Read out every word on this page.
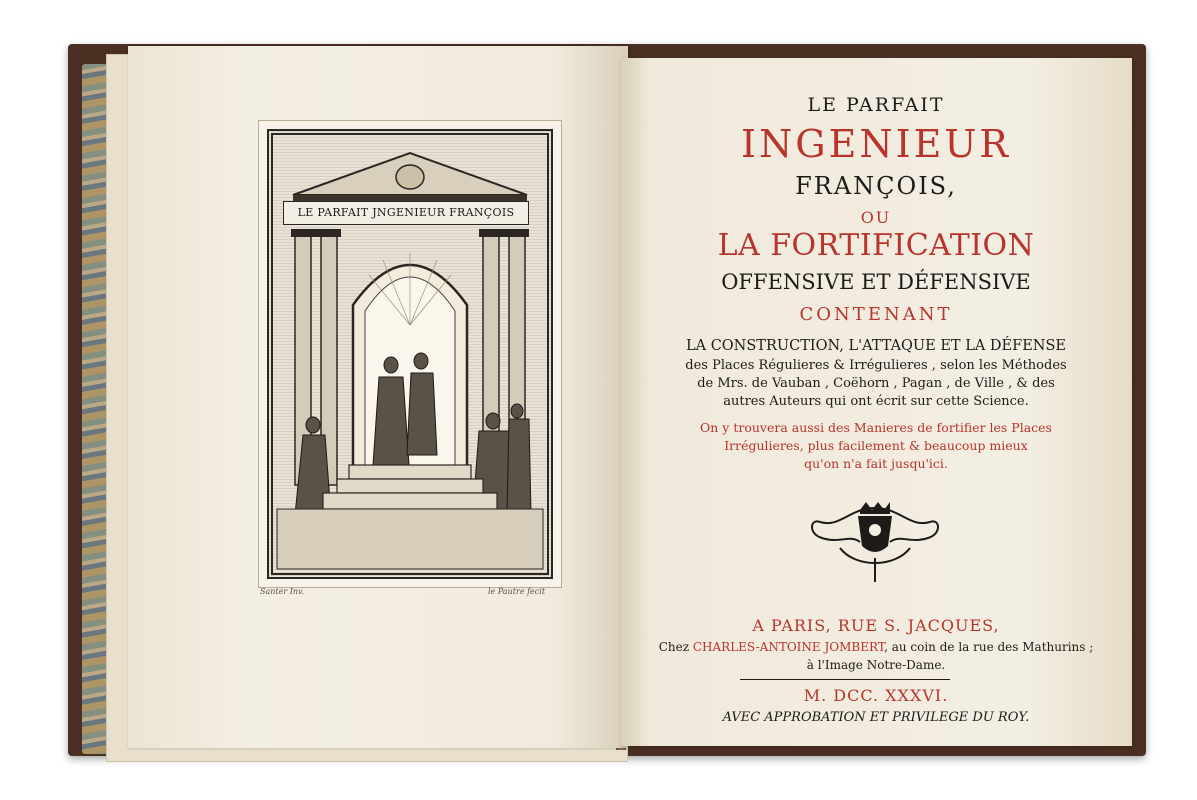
LE PARFAIT JNGENIEUR FRANÇOIS
Santer Inv.	le Pautre fecit
LE PARFAIT
INGENIEUR
FRANÇOIS,
OU
LA FORTIFICATION
OFFENSIVE ET DÉFENSIVE
CONTENANT
LA CONSTRUCTION, L'ATTAQUE ET LA DÉFENSE
des Places Régulieres & Irrégulieres , selon les Méthodes
de Mrs. de Vauban , Coëhorn , Pagan , de Ville , & des
autres Auteurs qui ont écrit sur cette Science.
On y trouvera aussi des Manieres de fortifier les Places
Irrégulieres, plus facilement & beaucoup mieux
qu'on n'a fait jusqu'ici.
A PARIS, RUE S. JACQUES,
Chez CHARLES-ANTOINE JOMBERT, au coin de la rue des Mathurins ;
à l'Image Notre-Dame.
M. DCC. XXXVI.
AVEC APPROBATION ET PRIVILEGE DU ROY.
